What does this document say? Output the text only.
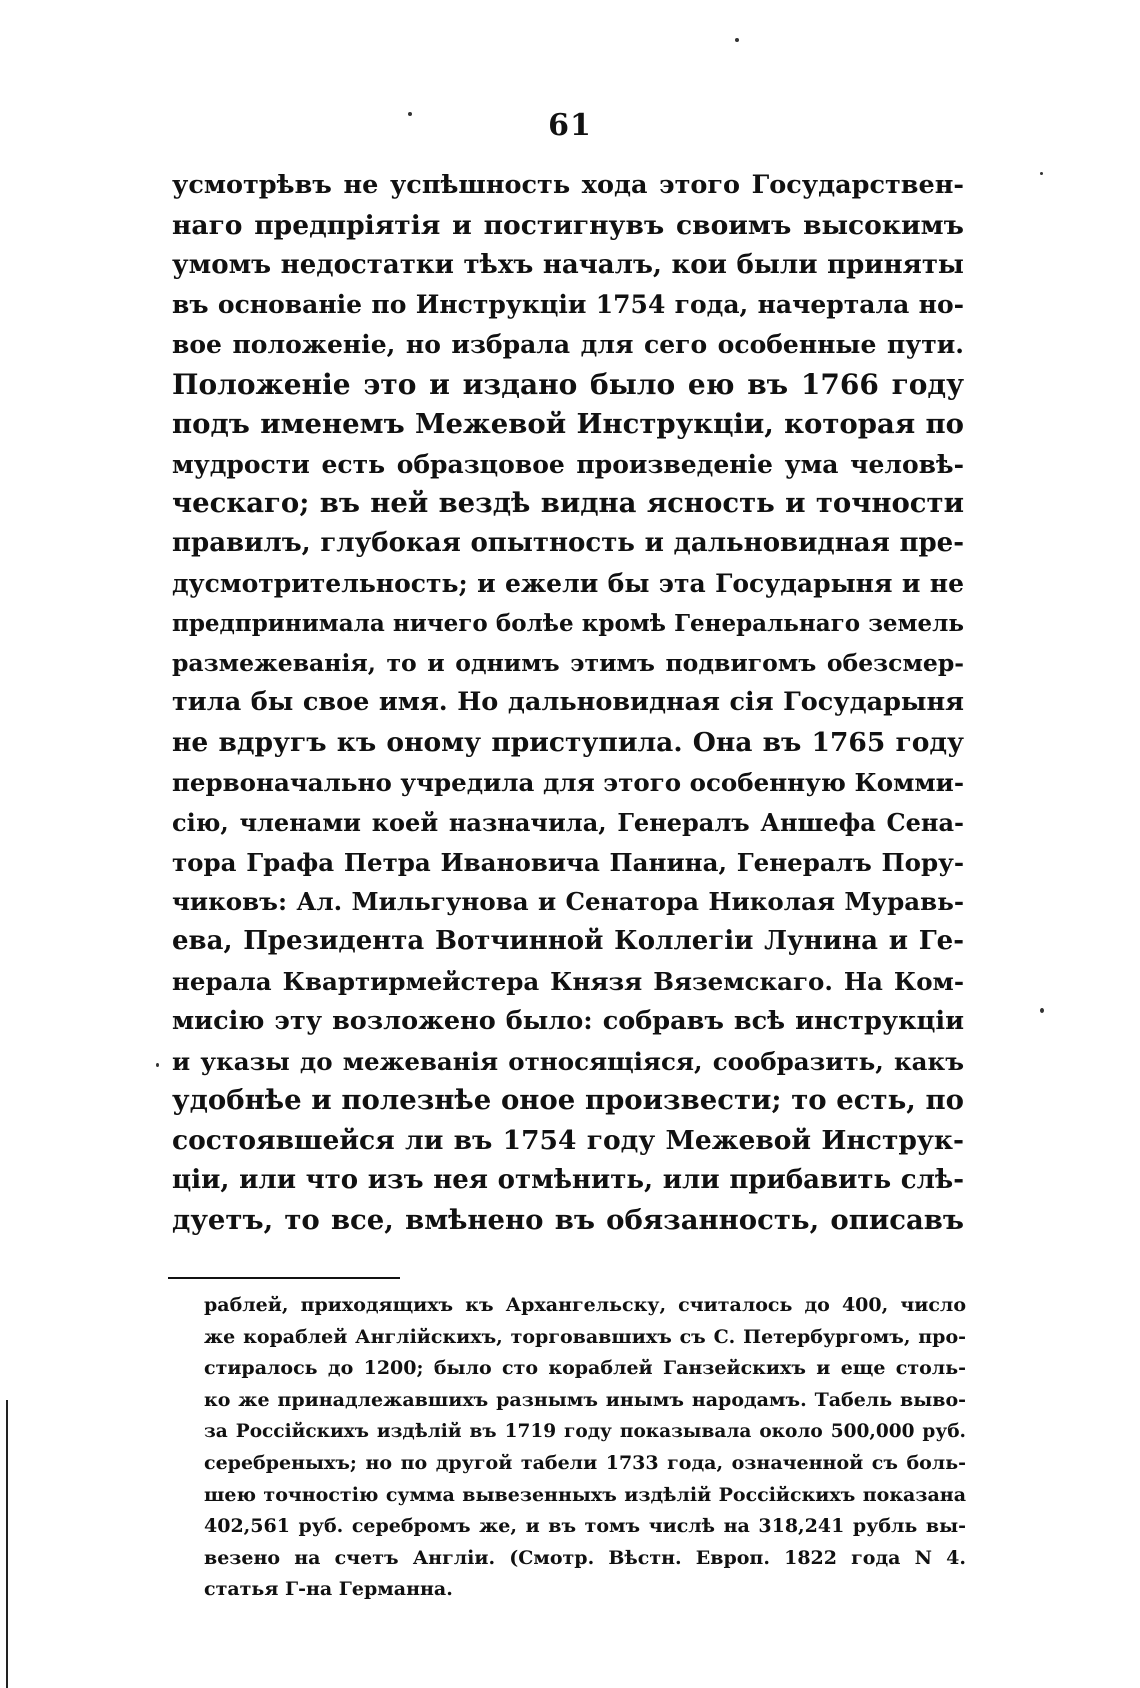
61
усмотрѣвъ не успѣшность хода этого Государствен-
наго предпріятія и постигнувъ своимъ высокимъ
умомъ недостатки тѣхъ началъ, кои были приняты
въ основаніе по Инструкціи 1754 года, начертала но-
вое положеніе, но избрала для сего особенные пути.
Положеніе это и издано было ею въ 1766 году
подъ именемъ Межевой Инструкціи, которая по
мудрости есть образцовое произведеніе ума человѣ-
ческаго; въ ней вездѣ видна ясность и точности
правилъ, глубокая опытность и дальновидная пре-
дусмотрительность; и ежели бы эта Государыня и не
предпринимала ничего болѣе кромѣ Генеральнаго земель
размежеванія, то и однимъ этимъ подвигомъ обезсмер-
тила бы свое имя. Но дальновидная сія Государыня
не вдругъ къ оному приступила. Она въ 1765 году
первоначально учредила для этого особенную Комми-
сію, членами коей назначила, Генералъ Аншефа Сена-
тора Графа Петра Ивановича Панина, Генералъ Пору-
чиковъ: Ал. Мильгунова и Сенатора Николая Муравь-
ева, Президента Вотчинной Коллегіи Лунина и Ге-
нерала Квартирмейстера Князя Вяземскаго. На Ком-
мисію эту возложено было: собравъ всѣ инструкціи
и указы до межеванія относящіяся, сообразить, какъ
удобнѣе и полезнѣе оное произвести; то есть, по
состоявшейся ли въ 1754 году Межевой Инструк-
ціи, или что изъ нея отмѣнить, или прибавить слѣ-
дуетъ, то все, вмѣнено въ обязанность, описавъ
раблей, приходящихъ къ Архангельску, считалось до 400, число
же кораблей Англійскихъ, торговавшихъ съ С. Петербургомъ, про-
стиралось до 1200; было сто кораблей Ганзейскихъ и еще столь-
ко же принадлежавшихъ разнымъ инымъ народамъ. Табель выво-
за Россійскихъ издѣлій въ 1719 году показывала около 500,000 руб.
серебреныхъ; но по другой табели 1733 года, означенной съ боль-
шею точностію сумма вывезенныхъ издѣлій Россійскихъ показана
402,561 руб. серебромъ же, и въ томъ числѣ на 318,241 рубль вы-
везено на счетъ Англіи. (Смотр. Вѣстн. Европ. 1822 года N 4.
статья Г-на Германна.
